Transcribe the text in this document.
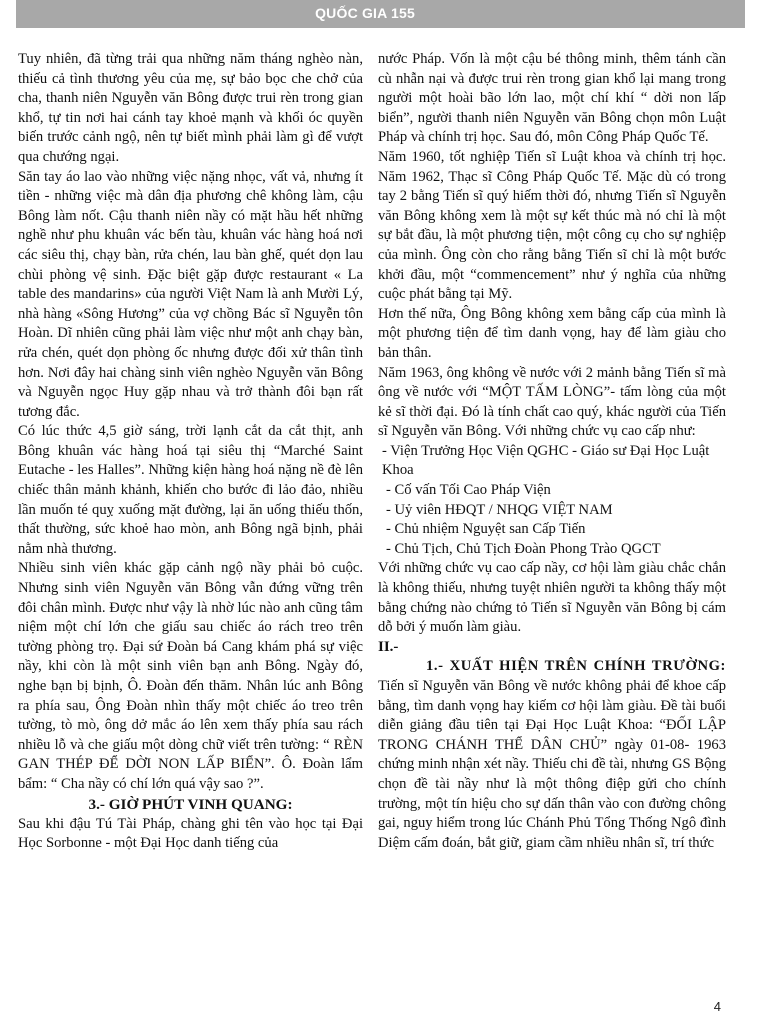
QUỐC GIA 155

Tuy nhiên, đã từng trải qua những năm tháng nghèo nàn, thiếu cả tình thương yêu của mẹ, sự bảo bọc che chở của cha, thanh niên Nguyễn văn Bông được trui rèn trong gian khổ, tự tin nơi hai cánh tay khoẻ mạnh và khối óc quyền biến trước cảnh ngộ, nên tự biết mình phải làm gì để vượt qua chướng ngại.

Săn tay áo lao vào những việc nặng nhọc, vất vả, nhưng ít tiền - những việc mà dân địa phương chê không làm, cậu Bông làm nốt. Cậu thanh niên nầy có mặt hầu hết những nghề như phu khuân vác bến tàu, khuân vác hàng hoá nơi các siêu thị, chạy bàn, rửa chén, lau bàn ghế, quét dọn lau chùi phòng vệ sinh. Đặc biệt gặp được restaurant « La table des mandarins» của người Việt Nam là anh Mười Lý, nhà hàng «Sông Hương” của vợ chồng Bác sĩ Nguyễn tôn Hoàn. Dĩ nhiên cũng phải làm việc như một anh chạy bàn, rửa chén, quét dọn phòng ốc nhưng được đối xử thân tình hơn. Nơi đây hai chàng sinh viên nghèo Nguyễn văn Bông và Nguyễn ngọc Huy gặp nhau và trở thành đôi bạn rất tương đắc.

Có lúc thức 4,5 giờ sáng, trời lạnh cắt da cắt thịt, anh Bông khuân vác hàng hoá tại siêu thị “Marché Saint Eutache - les Halles”. Những kiện hàng hoá nặng nề đè lên chiếc thân mảnh khảnh, khiến cho bước đi lảo đảo, nhiều lần muốn té quỵ xuống mặt đường, lại ăn uống thiếu thốn, thất thường, sức khoẻ hao mòn, anh Bông ngã bịnh, phải nằm nhà thương.

Nhiều sinh viên khác gặp cảnh ngộ nầy phải bỏ cuộc. Nhưng sinh viên Nguyễn văn Bông vẫn đứng vững trên đôi chân mình. Được như vậy là nhờ lúc nào anh cũng tâm niệm một chí lớn che giấu sau chiếc áo rách treo trên tường phòng trọ. Đại sứ Đoàn bá Cang khám phá sự việc nầy, khi còn là một sinh viên bạn anh Bông. Ngày đó, nghe bạn bị bịnh, Ô. Đoàn đến thăm. Nhân lúc anh Bông ra phía sau, Ông Đoàn nhìn thấy một chiếc áo treo trên tường, tò mò, ông dở mắc áo lên xem thấy phía sau rách nhiều lỗ và che giấu một dòng chữ viết trên tường: “ RÈN GAN THÉP ĐỂ DỜI NON LẤP BIỂN”. Ô. Đoàn lẩm bẩm: “ Cha nầy có chí lớn quá vậy sao ?”.

3.- GIỜ PHÚT VINH QUANG:

Sau khi đậu Tú Tài Pháp, chàng ghi tên vào học tại Đại Học Sorbonne - một Đại Học danh tiếng của

nước Pháp. Vốn là một cậu bé thông minh, thêm tánh cần cù nhẫn nại và được trui rèn trong gian khổ lại mang trong người một hoài bão lớn lao, một chí khí “ dời non lấp biển”, người thanh niên Nguyễn văn Bông chọn môn Luật Pháp và chính trị học. Sau đó, môn Công Pháp Quốc Tế.

Năm 1960, tốt nghiệp Tiến sĩ Luật khoa và chính trị học. Năm 1962, Thạc sĩ Công Pháp Quốc Tế. Mặc dù có trong tay 2 bằng Tiến sĩ quý hiếm thời đó, nhưng Tiến sĩ Nguyễn văn Bông không xem là một sự kết thúc mà nó chỉ là một sự bắt đầu, là một phương tiện, một công cụ cho sự nghiệp của mình. Ông còn cho rằng bằng Tiến sĩ chỉ là một bước khởi đầu, một “commencement” như ý nghĩa của những cuộc phát bằng tại Mỹ.

Hơn thế nữa, Ông Bông không xem bằng cấp của mình là một phương tiện để tìm danh vọng, hay để làm giàu cho bản thân.

Năm 1963, ông không về nước với 2 mảnh bằng Tiến sĩ mà ông về nước với “MỘT TẤM LÒNG”- tấm lòng của một kẻ sĩ thời đại. Đó là tính chất cao quý, khác người của Tiến sĩ Nguyễn văn Bông. Với những chức vụ cao cấp như:

- Viện Trưởng Học Viện QGHC - Giáo sư Đại Học Luật Khoa

- Cố vấn Tối Cao Pháp Viện

- Uỷ viên HĐQT / NHQG VIỆT NAM

- Chủ nhiệm Nguyệt san Cấp Tiến

- Chủ Tịch, Chủ Tịch Đoàn Phong Trào QGCT

Với những chức vụ cao cấp nầy, cơ hội làm giàu chắc chắn là không thiếu, nhưng tuyệt nhiên người ta không thấy một bằng chứng nào chứng tỏ Tiến sĩ Nguyễn văn Bông bị cám dỗ bởi ý muốn làm giàu.

II.-

1.- XUẤT HIỆN TRÊN CHÍNH TRƯỜNG: Tiến sĩ Nguyễn văn Bông về nước không phải để khoe cấp bằng, tìm danh vọng hay kiếm cơ hội làm giàu. Đề tài buổi diễn giảng đầu tiên tại Đại Học Luật Khoa: “ĐỐI LẬP TRONG CHÁNH THỂ DÂN CHỦ” ngày 01-08- 1963 chứng minh nhận xét nầy. Thiếu chi đề tài, nhưng GS Bộng chọn đề tài nầy như là một thông điệp gửi cho chính trường, một tín hiệu cho sự dấn thân vào con đường chông gai, nguy hiểm trong lúc Chánh Phủ Tổng Thống Ngô đình Diệm cấm đoán, bắt giữ, giam cầm nhiều nhân sĩ, trí thức

4
